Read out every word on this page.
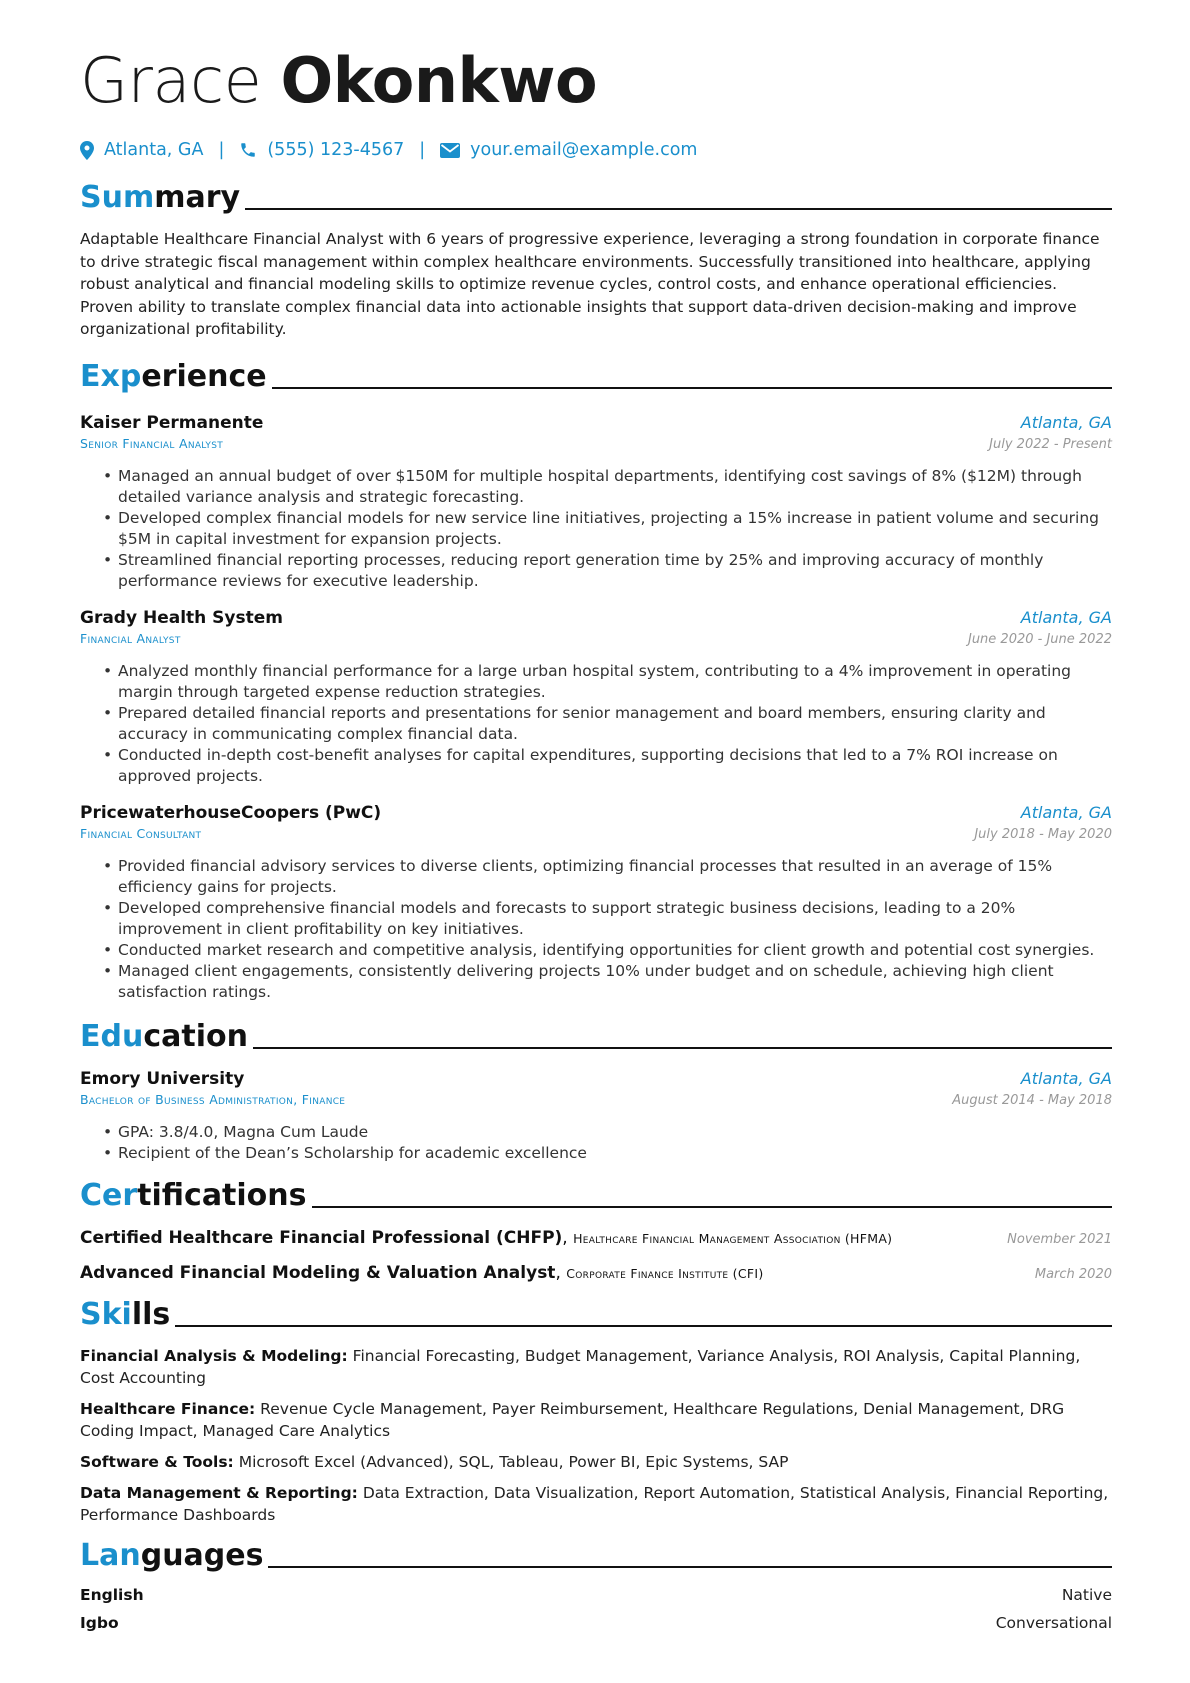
Grace Okonkwo
Atlanta, GA | (555) 123-4567 |	your.email@example.com
Summary
Adaptable Healthcare Financial Analyst with 6 years of progressive experience, leveraging a strong foundation in corporate finance to drive strategic fiscal management within complex healthcare environments. Successfully transitioned into healthcare, applying robust analytical and financial modeling skills to optimize revenue cycles, control costs, and enhance operational efficiencies. Proven ability to translate complex financial data into actionable insights that support data-driven decision-making and improve organizational profitability.
Experience
Kaiser Permanente	Atlanta, GA
Senior Financial Analyst	July 2022 - Present
• Managed an annual budget of over $150M for multiple hospital departments, identifying cost savings of 8% ($12M) through detailed variance analysis and strategic forecasting.
• Developed complex financial models for new service line initiatives, projecting a 15% increase in patient volume and securing $5M in capital investment for expansion projects.
• Streamlined financial reporting processes, reducing report generation time by 25% and improving accuracy of monthly performance reviews for executive leadership.
Grady Health System	Atlanta, GA
Financial Analyst	June 2020 - June 2022
• Analyzed monthly financial performance for a large urban hospital system, contributing to a 4% improvement in operating margin through targeted expense reduction strategies.
• Prepared detailed financial reports and presentations for senior management and board members, ensuring clarity and accuracy in communicating complex financial data.
• Conducted in-depth cost-benefit analyses for capital expenditures, supporting decisions that led to a 7% ROI increase on approved projects.
PricewaterhouseCoopers (PwC)	Atlanta, GA
Financial Consultant	July 2018 - May 2020
• Provided financial advisory services to diverse clients, optimizing financial processes that resulted in an average of 15% efficiency gains for projects.
• Developed comprehensive financial models and forecasts to support strategic business decisions, leading to a 20% improvement in client profitability on key initiatives.
• Conducted market research and competitive analysis, identifying opportunities for client growth and potential cost synergies.
• Managed client engagements, consistently delivering projects 10% under budget and on schedule, achieving high client satisfaction ratings.
Education
Emory University	Atlanta, GA
Bachelor of Business Administration, Finance	August 2014 - May 2018
• GPA: 3.8/4.0, Magna Cum Laude
• Recipient of the Dean’s Scholarship for academic excellence
Certifications
Certified Healthcare Financial Professional (CHFP), Healthcare Financial Management Association (HFMA)	November 2021
Advanced Financial Modeling & Valuation Analyst, Corporate Finance Institute (CFI)	March 2020
Skills
Financial Analysis & Modeling: Financial Forecasting, Budget Management, Variance Analysis, ROI Analysis, Capital Planning, Cost Accounting
Healthcare Finance: Revenue Cycle Management, Payer Reimbursement, Healthcare Regulations, Denial Management, DRG Coding Impact, Managed Care Analytics
Software & Tools: Microsoft Excel (Advanced), SQL, Tableau, Power BI, Epic Systems, SAP
Data Management & Reporting: Data Extraction, Data Visualization, Report Automation, Statistical Analysis, Financial Reporting, Performance Dashboards
Languages
English	Native
Igbo	Conversational
